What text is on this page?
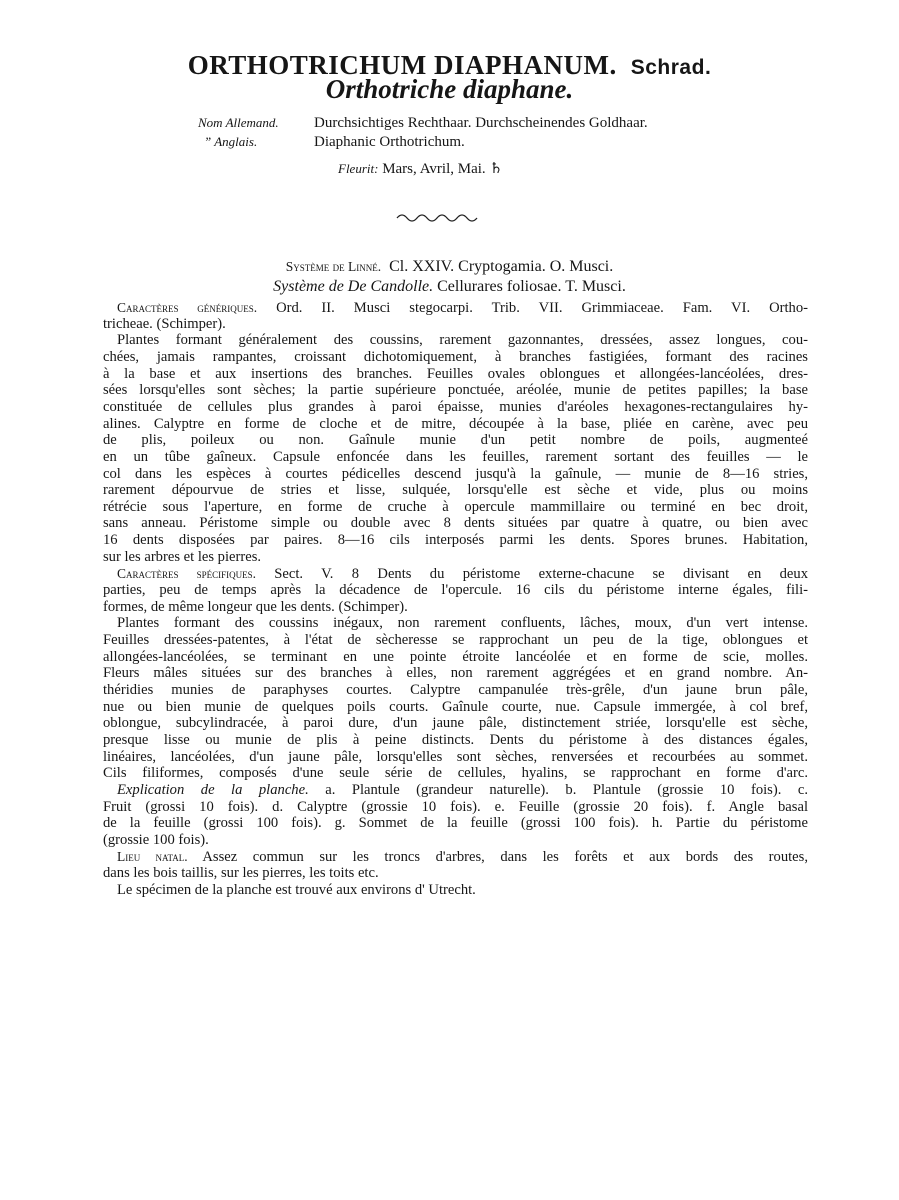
ORTHOTRICHUM DIAPHANUM. Schrad.
Orthotriche diaphane.
Nom Allemand. Durchsichtiges Rechthaar. Durchscheinendes Goldhaar.
” Anglais.	Diaphanic Orthotrichum.
Fleurit: Mars, Avril, Mai. ♄
Système de Linné. Cl. XXIV. Cryptogamia. O. Musci.
Système de De Candolle. Cellurares foliosae. T. Musci.
Caractères génériques. Ord. II. Musci stegocarpi. Trib. VII. Grimmiaceae. Fam. VI. Ortho-
tricheae. (Schimper).
Plantes formant généralement des coussins, rarement gazonnantes, dressées, assez longues, cou-
chées, jamais rampantes, croissant dichotomiquement, à branches fastigiées, formant des racines
à la base et aux insertions des branches. Feuilles ovales oblongues et allongées-lancéolées, dres-
sées lorsqu'elles sont sèches; la partie supérieure ponctuée, aréolée, munie de petites papilles; la base
constituée de cellules plus grandes à paroi épaisse, munies d'aréoles hexagones-rectangulaires hy-
alines. Calyptre en forme de cloche et de mitre, découpée à la base, pliée en carène, avec peu
de plis, poileux ou non. Gaînule munie d'un petit nombre de poils, augmenteé
en un tûbe gaîneux. Capsule enfoncée dans les feuilles, rarement sortant des feuilles — le
col dans les espèces à courtes pédicelles descend jusqu'à la gaînule, — munie de 8—16 stries,
rarement dépourvue de stries et lisse, sulquée, lorsqu'elle est sèche et vide, plus ou moins
rétrécie sous l'aperture, en forme de cruche à opercule mammillaire ou terminé en bec droit,
sans anneau. Péristome simple ou double avec 8 dents situées par quatre à quatre, ou bien avec
16 dents disposées par paires. 8—16 cils interposés parmi les dents. Spores brunes. Habitation,
sur les arbres et les pierres.
Caractères spécifiques. Sect. V. 8 Dents du péristome externe-chacune se divisant en deux
parties, peu de temps après la décadence de l'opercule. 16 cils du péristome interne égales, fili-
formes, de même longeur que les dents. (Schimper).
Plantes formant des coussins inégaux, non rarement confluents, lâches, moux, d'un vert intense.
Feuilles dressées-patentes, à l'état de sècheresse se rapprochant un peu de la tige, oblongues et
allongées-lancéolées, se terminant en une pointe étroite lancéolée et en forme de scie, molles.
Fleurs mâles situées sur des branches à elles, non rarement aggrégées et en grand nombre. An-
théridies munies de paraphyses courtes. Calyptre campanulée très-grêle, d'un jaune brun pâle,
nue ou bien munie de quelques poils courts. Gaînule courte, nue. Capsule immergée, à col bref,
oblongue, subcylindracée, à paroi dure, d'un jaune pâle, distinctement striée, lorsqu'elle est sèche,
presque lisse ou munie de plis à peine distincts. Dents du péristome à des distances égales,
linéaires, lancéolées, d'un jaune pâle, lorsqu'elles sont sèches, renversées et recourbées au sommet.
Cils filiformes, composés d'une seule série de cellules, hyalins, se rapprochant en forme d'arc.
Explication de la planche. a. Plantule (grandeur naturelle). b. Plantule (grossie 10 fois). c.
Fruit (grossi 10 fois). d. Calyptre (grossie 10 fois). e. Feuille (grossie 20 fois). f. Angle basal
de la feuille (grossi 100 fois). g. Sommet de la feuille (grossi 100 fois). h. Partie du péristome
(grossie 100 fois).
Lieu natal. Assez commun sur les troncs d'arbres, dans les forêts et aux bords des routes,
dans les bois taillis, sur les pierres, les toits etc.
Le spécimen de la planche est trouvé aux environs d' Utrecht.
